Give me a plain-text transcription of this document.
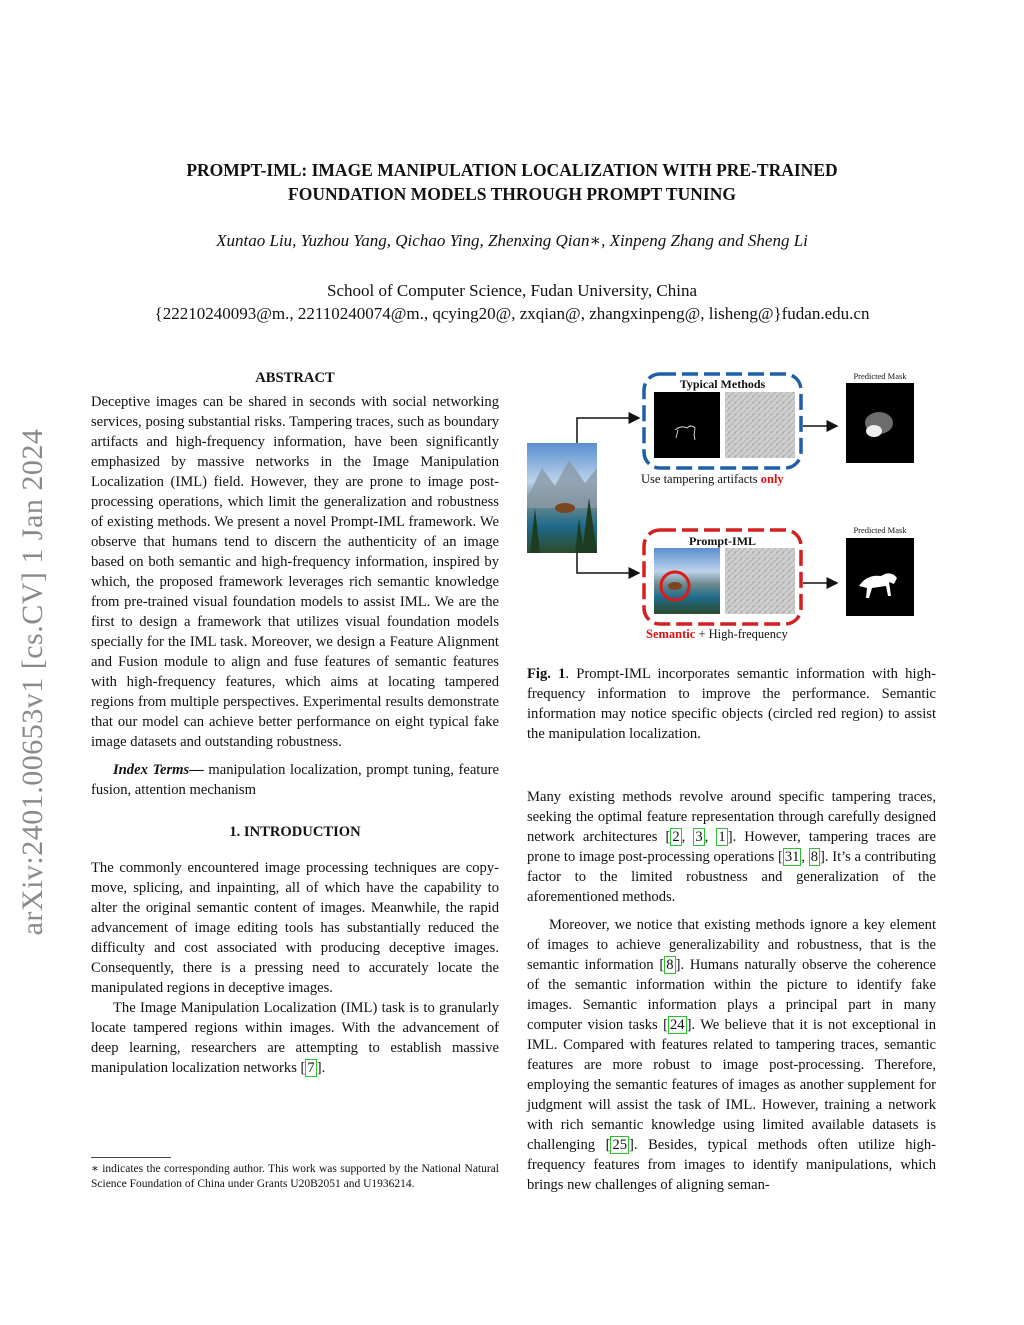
PROMPT-IML: IMAGE MANIPULATION LOCALIZATION WITH PRE-TRAINED
FOUNDATION MODELS THROUGH PROMPT TUNING
Xuntao Liu, Yuzhou Yang, Qichao Ying, Zhenxing Qian∗, Xinpeng Zhang and Sheng Li
School of Computer Science, Fudan University, China
{22210240093@m., 22110240074@m., qcying20@, zxqian@, zhangxinpeng@, lisheng@}fudan.edu.cn
arXiv:2401.00653v1 [cs.CV] 1 Jan 2024
ABSTRACT

Deceptive images can be shared in seconds with social networking services, posing substantial risks. Tampering traces, such as boundary artifacts and high-frequency information, have been significantly emphasized by massive networks in the Image Manipulation Localization (IML) field. However, they are prone to image post-processing operations, which limit the generalization and robustness of existing methods. We present a novel Prompt-IML framework. We observe that humans tend to discern the authenticity of an image based on both semantic and high-frequency information, inspired by which, the proposed framework leverages rich semantic knowledge from pre-trained visual foundation models to assist IML. We are the first to design a framework that utilizes visual foundation models specially for the IML task. Moreover, we design a Feature Alignment and Fusion module to align and fuse features of semantic features with high-frequency features, which aims at locating tampered regions from multiple perspectives. Experimental results demonstrate that our model can achieve better performance on eight typical fake image datasets and outstanding robustness.

Index Terms— manipulation localization, prompt tuning, feature fusion, attention mechanism

1. INTRODUCTION

The commonly encountered image processing techniques are copy-move, splicing, and inpainting, all of which have the capability to alter the original semantic content of images. Meanwhile, the rapid advancement of image editing tools has substantially reduced the difficulty and cost associated with producing deceptive images. Consequently, there is a pressing need to accurately locate the manipulated regions in deceptive images.

The Image Manipulation Localization (IML) task is to granularly locate tampered regions within images. With the advancement of deep learning, researchers are attempting to establish massive manipulation localization networks [ 7 ].

∗ indicates the corresponding author. This work was supported by the National Natural Science Foundation of China under Grants U20B2051 and U1936214.
Typical Methods
Use tampering artifacts only
Prompt-IML
Semantic + High-frequency
Predicted Mask
Predicted Mask
Fig. 1. Prompt-IML incorporates semantic information with high-frequency information to improve the performance. Semantic information may notice specific objects (circled red region) to assist the manipulation localization.

Many existing methods revolve around specific tampering traces, seeking the optimal feature representation through carefully designed network architectures [ 2 , 3 , 1 ]. However, tampering traces are prone to image post-processing operations [ 31 , 8 ]. It’s a contributing factor to the limited robustness and generalization of the aforementioned methods.

Moreover, we notice that existing methods ignore a key element of images to achieve generalizability and robustness, that is the semantic information [ 8 ]. Humans naturally observe the coherence of the semantic information within the picture to identify fake images. Semantic information plays a principal part in many computer vision tasks [ 24 ]. We believe that it is not exceptional in IML. Compared with features related to tampering traces, semantic features are more robust to image post-processing. Therefore, employing the semantic features of images as another supplement for judgment will assist the task of IML. However, training a network with rich semantic knowledge using limited available datasets is challenging [ 25 ]. Besides, typical methods often utilize high-frequency features from images to identify manipulations, which brings new challenges of aligning seman-
